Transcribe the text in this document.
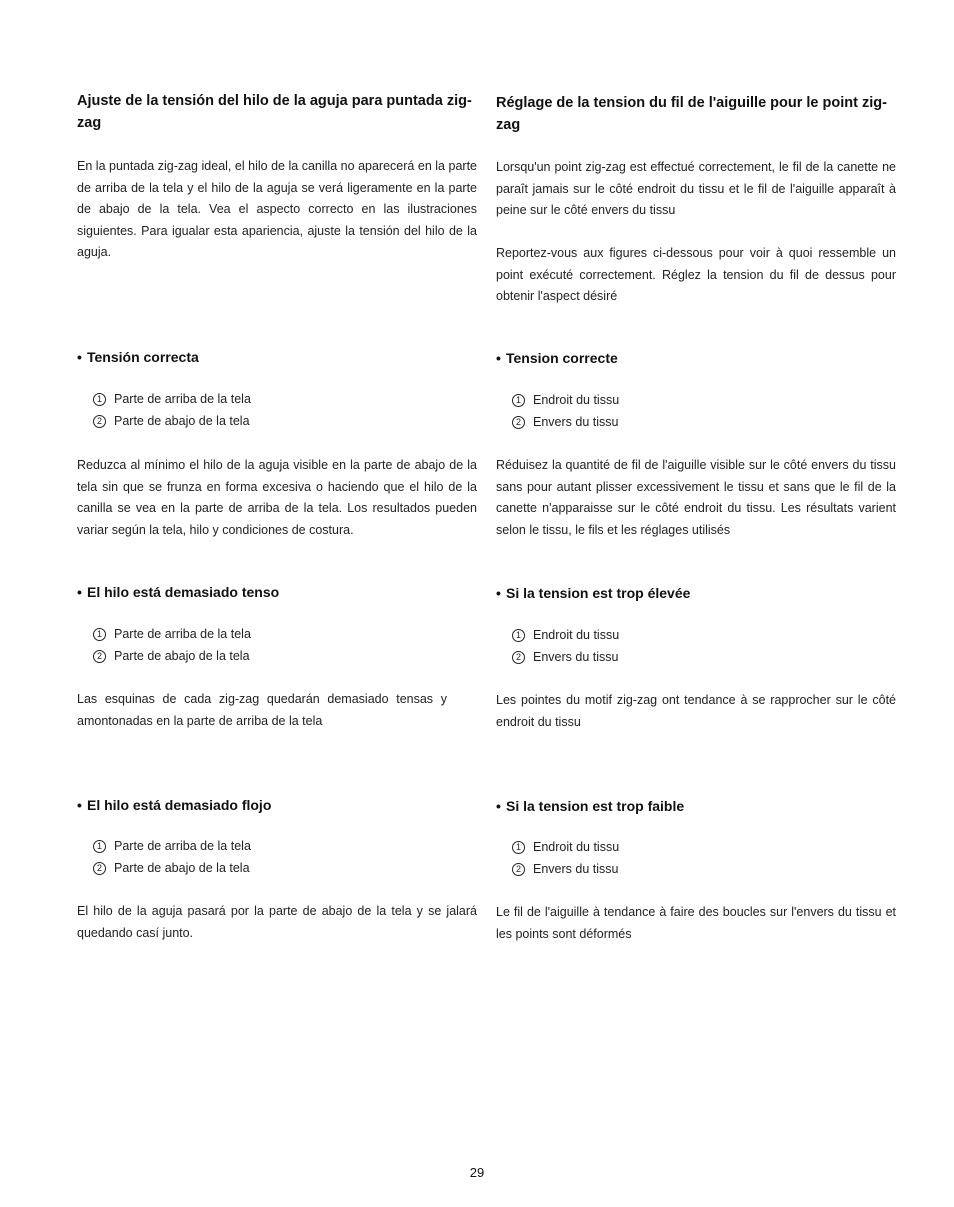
Ajuste de la tensión del hilo de la aguja para puntada zig-zag
En la puntada zig-zag ideal, el hilo de la canilla no aparecerá en la parte de arriba de la tela y el hilo de la aguja se verá ligeramente en la parte de abajo de la tela. Vea el aspecto correcto en las ilustraciones siguientes. Para igualar esta apariencia, ajuste la tensión del hilo de la aguja.
• Tensión correcta
1 Parte de arriba de la tela
2 Parte de abajo de la tela
Reduzca al mínimo el hilo de la aguja visible en la parte de abajo de la tela sin que se frunza en forma excesiva o haciendo que el hilo de la canilla se vea en la parte de arriba de la tela. Los resultados pueden variar según la tela, hilo y condiciones de costura.
• El hilo está demasiado tenso
1 Parte de arriba de la tela
2 Parte de abajo de la tela
Las esquinas de cada zig-zag quedarán demasiado tensas y amontonadas en la parte de arriba de la tela
• El hilo está demasiado flojo
1 Parte de arriba de la tela
2 Parte de abajo de la tela
El hilo de la aguja pasará por la parte de abajo de la tela y se jalará quedando casí junto.
Réglage de la tension du fil de l'aiguille pour le point zig-zag
Lorsqu'un point zig-zag est effectué correctement, le fil de la canette ne paraît jamais sur le côté endroit du tissu et le fil de l'aiguille apparaît à peine sur le côté envers du tissu
Reportez-vous aux figures ci-dessous pour voir à quoi ressemble un point exécuté correctement. Réglez la tension du fil de dessus pour obtenir l'aspect désiré
• Tension correcte
1 Endroit du tissu
2 Envers du tissu
Réduisez la quantité de fil de l'aiguille visible sur le côté envers du tissu sans pour autant plisser excessivement le tissu et sans que le fil de la canette n'apparaisse sur le côté endroit du tissu. Les résultats varient selon le tissu, le fils et les réglages utilisés
• Si la tension est trop élevée
1 Endroit du tissu
2 Envers du tissu
Les pointes du motif zig-zag ont tendance à se rapprocher sur le côté endroit du tissu
• Si la tension est trop faible
1 Endroit du tissu
2 Envers du tissu
Le fil de l'aiguille à tendance à faire des boucles sur l'envers du tissu et les points sont déformés
29
